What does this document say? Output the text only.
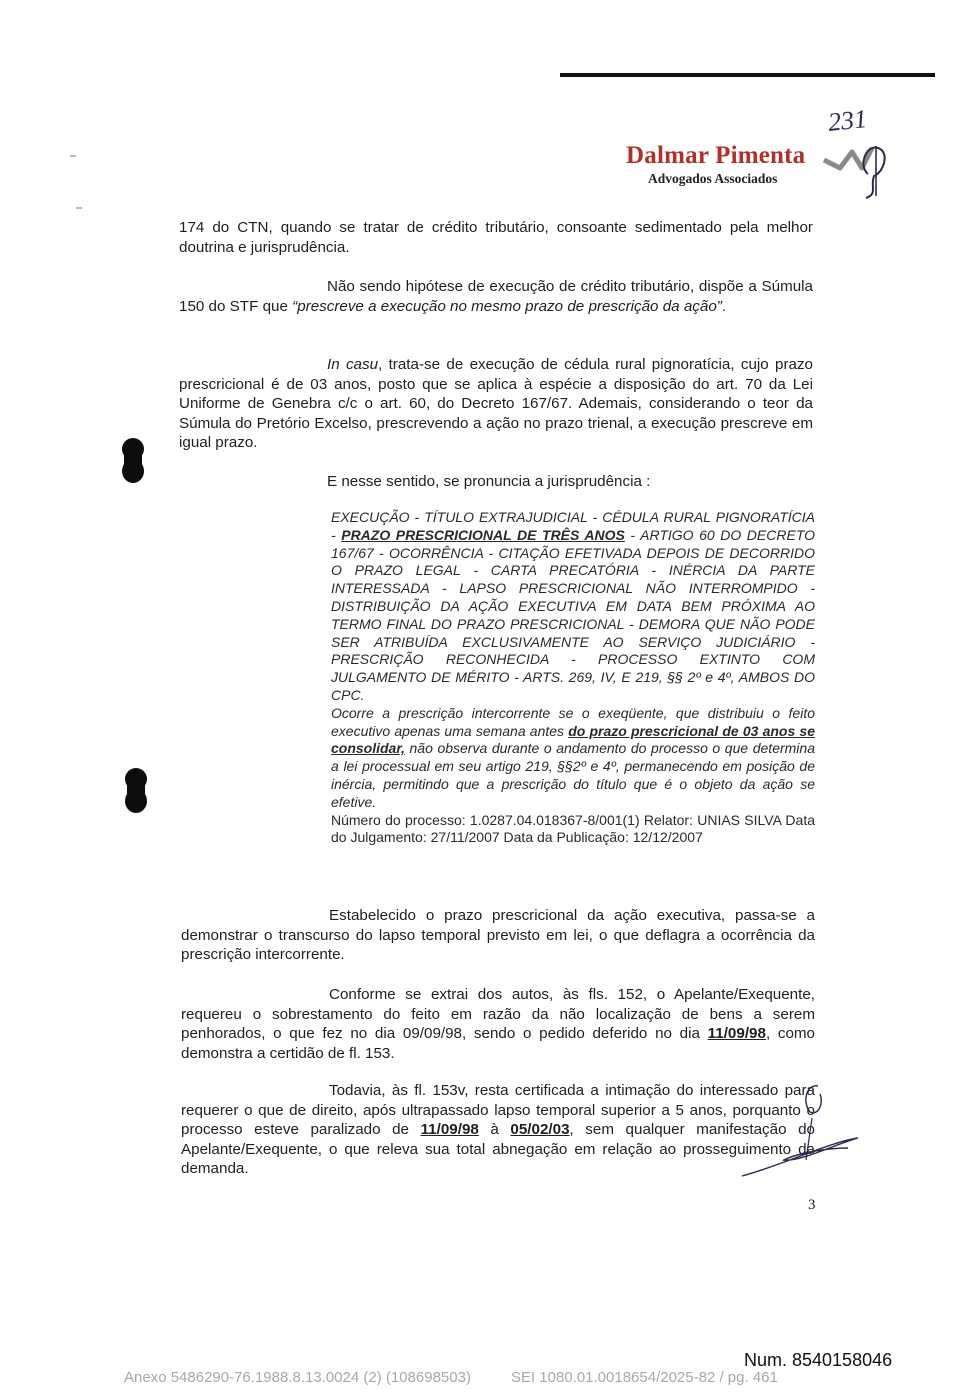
231
Dalmar Pimenta
Advogados Associados
174 do CTN, quando se tratar de crédito tributário, consoante sedimentado pela melhor doutrina e jurisprudência.
Não sendo hipótese de execução de crédito tributário, dispõe a Súmula 150 do STF que “prescreve a execução no mesmo prazo de prescrição da ação”.
In casu, trata-se de execução de cédula rural pignoratícia, cujo prazo prescricional é de 03 anos, posto que se aplica à espécie a disposição do art. 70 da Lei Uniforme de Genebra c/c o art. 60, do Decreto 167/67. Ademais, considerando o teor da Súmula do Pretório Excelso, prescrevendo a ação no prazo trienal, a execução prescreve em igual prazo.
E nesse sentido, se pronuncia a jurisprudência :
EXECUÇÃO - TÍTULO EXTRAJUDICIAL - CÉDULA RURAL PIGNORATÍCIA - PRAZO PRESCRICIONAL DE TRÊS ANOS - ARTIGO 60 DO DECRETO 167/67 - OCORRÊNCIA - CITAÇÃO EFETIVADA DEPOIS DE DECORRIDO O PRAZO LEGAL - CARTA PRECATÓRIA - INÉRCIA DA PARTE INTERESSADA - LAPSO PRESCRICIONAL NÃO INTERROMPIDO - DISTRIBUIÇÃO DA AÇÃO EXECUTIVA EM DATA BEM PRÓXIMA AO TERMO FINAL DO PRAZO PRESCRICIONAL - DEMORA QUE NÃO PODE SER ATRIBUÍDA EXCLUSIVAMENTE AO SERVIÇO JUDICIÁRIO - PRESCRIÇÃO RECONHECIDA - PROCESSO EXTINTO COM JULGAMENTO DE MÉRITO - ARTS. 269, IV, E 219, §§ 2º e 4º, AMBOS DO CPC.
Ocorre a prescrição intercorrente se o exeqüente, que distribuiu o feito executivo apenas uma semana antes do prazo prescricional de 03 anos se consolidar, não observa durante o andamento do processo o que determina a lei processual em seu artigo 219, §§2º e 4º, permanecendo em posição de inércia, permitindo que a prescrição do título que é o objeto da ação se efetive.
Número do processo: 1.0287.04.018367-8/001(1) Relator: UNIAS SILVA Data do Julgamento: 27/11/2007 Data da Publicação: 12/12/2007
Estabelecido o prazo prescricional da ação executiva, passa-se a demonstrar o transcurso do lapso temporal previsto em lei, o que deflagra a ocorrência da prescrição intercorrente.
Conforme se extrai dos autos, às fls. 152, o Apelante/Exequente, requereu o sobrestamento do feito em razão da não localização de bens a serem penhorados, o que fez no dia 09/09/98, sendo o pedido deferido no dia 11/09/98, como demonstra a certidão de fl. 153.
Todavia, às fl. 153v, resta certificada a intimação do interessado para requerer o que de direito, após ultrapassado lapso temporal superior a 5 anos, porquanto o processo esteve paralizado de 11/09/98 à 05/02/03, sem qualquer manifestação do Apelante/Exequente, o que releva sua total abnegação em relação ao prosseguimento da demanda.
3
Num. 8540158046
Anexo 5486290-76.1988.8.13.0024 (2) (108698503)	SEI 1080.01.0018654/2025-82 / pg. 461
